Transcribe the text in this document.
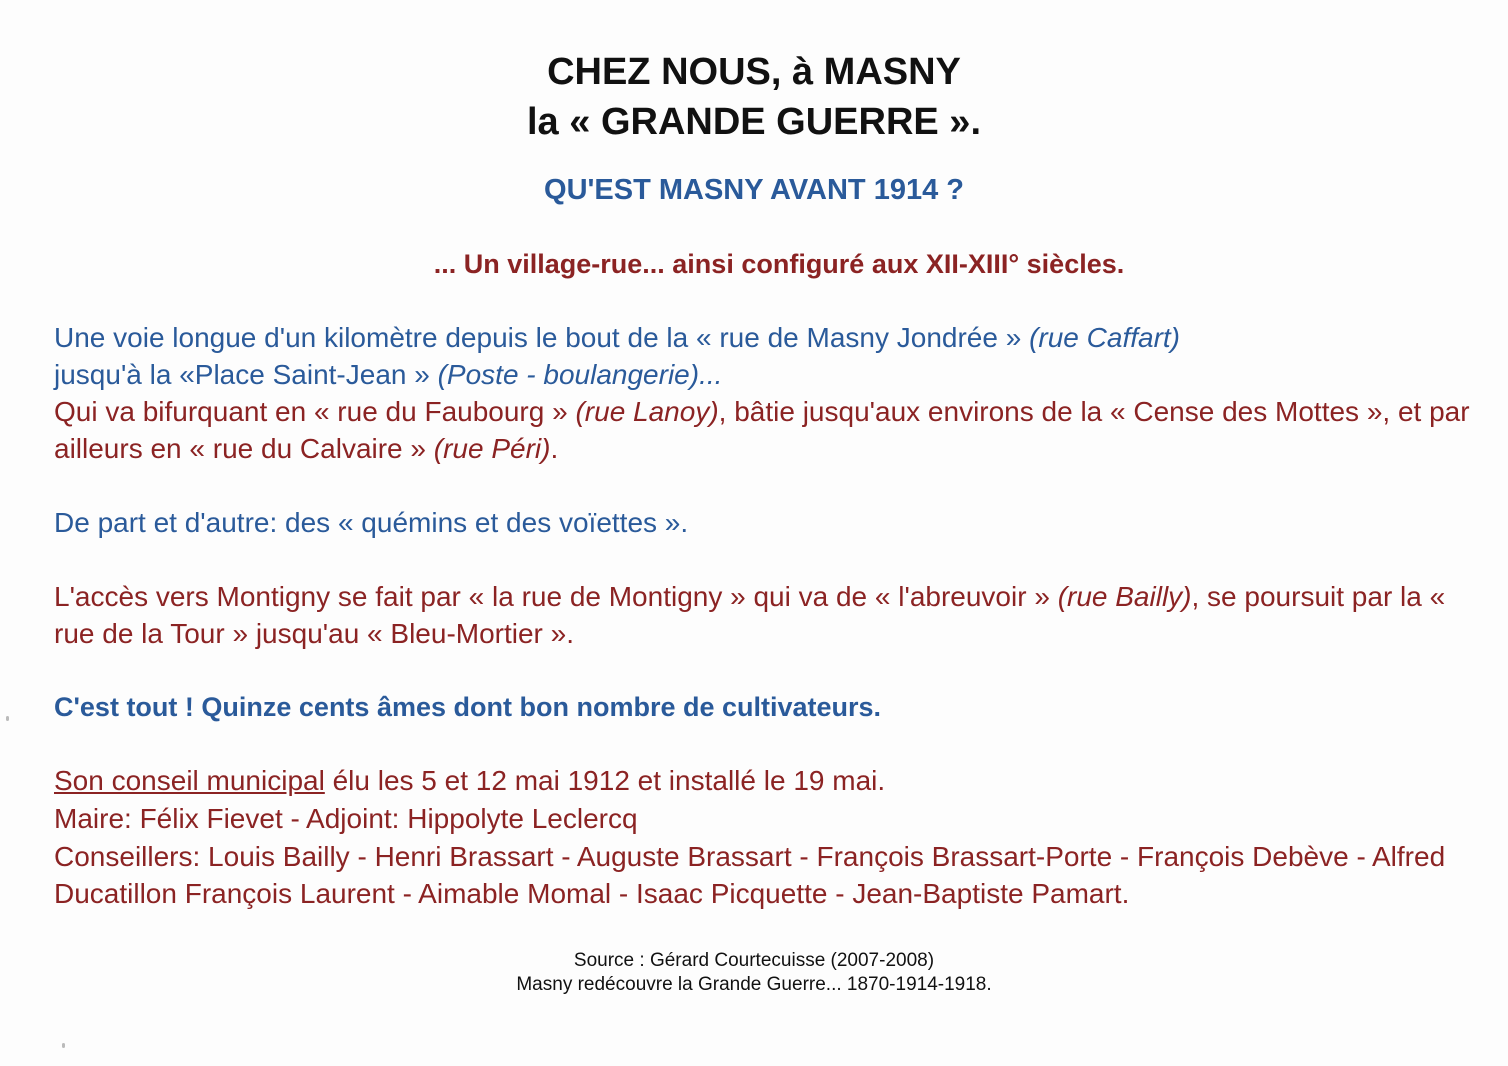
CHEZ NOUS, à MASNY
la « GRANDE GUERRE ».
QU'EST MASNY AVANT 1914 ?
... Un village-rue... ainsi configuré aux XII-XIII° siècles.

Une voie longue d'un kilomètre depuis le bout de la « rue de Masny Jondrée » (rue Caffart)
jusqu'à la «Place Saint-Jean » (Poste - boulangerie)...

Qui va bifurquant en « rue du Faubourg » (rue Lanoy), bâtie jusqu'aux environs de la « Cense des Mottes », et par ailleurs en « rue du Calvaire » (rue Péri).

De part et d'autre: des « quémins et des voïettes ».

L'accès vers Montigny se fait par « la rue de Montigny » qui va de « l'abreuvoir » (rue Bailly), se poursuit par la « rue de la Tour » jusqu'au « Bleu-Mortier ».

C'est tout ! Quinze cents âmes dont bon nombre de cultivateurs.

Son conseil municipal élu les 5 et 12 mai 1912 et installé le 19 mai.

Maire: Félix Fievet - Adjoint: Hippolyte Leclercq

Conseillers: Louis Bailly - Henri Brassart - Auguste Brassart - François Brassart-Porte - François Debève - Alfred Ducatillon François Laurent - Aimable Momal - Isaac Picquette - Jean-Baptiste Pamart.

Source : Gérard Courtecuisse (2007-2008)
Masny redécouvre la Grande Guerre... 1870-1914-1918.
